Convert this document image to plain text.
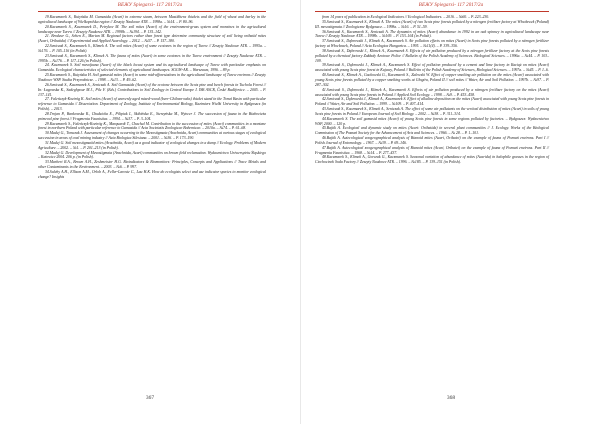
ВЕЖУ Spiegarsi- 117 2017/2a

19.Kaczmarek S., Rutyńska M. Gamasida (Acari) in extreme steam, between Mastikhera thickets and the field of wheat and barley in the agricultural landscape of Wielkopolska region // Zeszyty Naukowe ATR. – 1998a. – №14. – P. 80–96.

20.Kaczmarek S., Kaczmarek D., Petrykov M. The soil mites (Acari) of the environment-grass system and moraines in the agricultural landscape near Turew // Zeszyty Naukowe ATR. – 1998b. – №194. – P. 135–142.

21. Brodeur G., Sehen E., Marian M. Regional factors rather than forest type determine community structure of soil living oribatid mites (Acari, Oribatida) // Experimental and Applied Acarology. – 2012. – №57. – P. 157–180.

22.Seniczak S., Kaczmarek S., Klimek A. The soil mites (Acari) of some ecotones in the region of Turew // Zeszyty Naukowe ATR. – 1995a. – №176. – P. 105–116 (in Polish).

23.Seniczak S., Kaczmarek S., Klimek A. The fauna of mites (Acari) in some ecotones in the Turew environment // Zeszyty Naukowe ATR. – 1995b. – №176. – P. 117–126 (in Polish).

24. Kaczmarek S. Soil mesofauna (Acari) of the black locust system and its agricultural landscape of Turew with particular emphasis on Gamasida. Ecological characteristics of selected elements of agricultural landscapes. SGGW-AR. – Warszawa, 1996. – 89 p.

25.Kaczmarek S., Rutyńska H. Soil gamasid mites (Acari) in some mid-afforestations in the agricultural landscape of Turew environs // Zeszyty Naukowe WSP. Studia Przyrodnicze. – 1998. – №13. – P. 49–62.

26.Seniczak S., Kaczmarek S., Seniczak A. Soil Gamasida (Acari) of the ecotone between the Scots pine and beech forests in Tuchola Forest // In: Łagowska K., Sadeghpour M.J., Pilc F. (Eds.) Contributions to Soil Zoology in Central Europe I. ISB ASCR, České Budějovice. – 2005. – P. 137–141.

27. Faleńczyk-Koziróg K. Soil mites (Acari) of unevenly aged mixed-wood (beer-Chilean-oaks) thicket stand in the Toruń Basin with particular reference to Gamasida // Dissertation. Department of Zoology, Institute of Environmental Biology, Kazimierz Wielki University in Bydgoszcz (in Polish). – 2013.

28.Trojan P., Bankowska R., Chudzicka E., Pilipiuk I., Skibińska E., Sterzyńska M., Wytwer J. The succession of fauna in the Białowieża primeval pine forest // Fragmenta Faunistica. – 1994. – №37. – P. 3–104.

29.Kaczmarek S., Faleńczyk-Koziróg K., Marquardt T., Chachul M. Contribution to the succession of mites (Acari) communities in a montane forest in northern Poland with particular reference to Gamasida // Acta Societatis Zoologicae Bohemicae. – 2010a. – №74. – P. 61–68.

30.Madej G., Tomczak J. Assessment of changes occurring in the Mesostigmata (Arachnida, Acari) communities at various stages of ecological succession in areas of coal mining industry // Acta Biologica Silesiana. – 2001. – №36. – P. 173–190.

31.Madej G. Soil mesostigmatid mites (Arachnida, Acari) as a good indicator of ecological changes in a dump // Ecology. Problems of Modern Agriculture. – 2002. – №1. – P. 201–213 (in Polish).

32.Madej G. Development of Mesostigmata (Arachnida, Acari) communities on brown field reclamation. Wydawnictwo Uniwersytetu Śląskiego – Katowice 2004. 206 p. (in Polish).

33.Marbert R.A., Brown A.H., Zesbmeister H.G. Bioindicators & Biomonitors: Principles, Concepts and Applications // Trace Metals and other Contaminants in the Environment. – 2003. – №6. – P. 997.

34.Salehy A.H., Ellison A.M., Orlob A., Feller-Laroste C., Lau H.K. How do ecologists select and use indicator species to monitor ecological change? Insights

367
ВЕЖУ Spiegarsi- 117 2017/2a

from 14 years of publication in Ecological Indicators // Ecological Indicators. – 2016. – №60. – P. 223–230.

35.Seniczak S., Kaczmarek S., Klimek A. The mites (Acari) of two Scots pine forests polluted by a nitrogen fertilizer factory at Włocławek (Poland) III. mesostigmata // Zoologiczne Bydgoszcz. – 1998a. – №16. – P. 51–59.

36.Seniczak S., Kaczmarek S., Seniczak A. The dynamics of mites (Acari) abundance in 1992 in an oak spinney in agricultural landscape near Turew // Zeszyty Naukowe ATR. – 1998b. – №169. – P. 153–164 (in Polish).

37.Seniczak S., Dąbrowski J., Klimek A., Kaczmarek S. Air pollution effects on mites (Acari) in Scots pine forests polluted by a nitrogen fertilizer factory at Włocławek, Poland // Acta Ecologica Hungarica. – 1995. – №11(4). – P. 339–356.

38.Seniczak S., Dąbrowski J., Klimek A., Kaczmarek S. Effects of air pollution produced by a nitrogen fertilizer factory at the Scots pine forests polluted by a chemical factory Zakłady Azotowe Police // Bulletin of the Polish Academy of Sciences. Biological Sciences. – 1996a. – №44. – P. 103–109.

39.Seniczak S., Dąbrowski J., Klimek A., Kaczmarek S. Effect of pollution produced by a cement and lime factory in Raciąż on mites (Acari) associated with young Scots pine forest in Kujawy, Poland // Bulletin of the Polish Academy of Sciences, Biological Sciences. – 1997a. – №45. – P. 1–6.

40.Seniczak S., Klimek A., Gackowski G., Kaczmarek S., Zalewski W. Effect of copper smelting air pollution on the mites (Acari) associated with young Scots pine forests polluted by a copper smelting works at Głogów, Poland II // soil mites // Water, Air and Soil Pollution. – 1997b. – №97. – P. 287–302.

41.Seniczak S., Dąbrowski J., Klimek A., Kaczmarek S. Effects of air pollution produced by a nitrogen fertilizer factory on the mites (Acari) associated with young Scots pine forests in Poland // Applied Soil Ecology. – 1998. – №9. – P. 453–458.

42.Seniczak S., Dąbrowski J., Klimek A., Kaczmarek S. Effect of alkaline deposition on the mites (Acari) associated with young Scots pine forests in Poland // Water, Air and Soil Pollution. – 1999. – №109. – P. 407–414.

43.Seniczak S., Kaczmarek S., Klimek A., Seniczak A. The effect of some air pollutants on the vertical distribution of mites (Acari) in soils of young Scots pine forests in Poland // European Journal of Soil Biology. – 2002. – №38. – P. 311–314.

44.Kaczmarek S. The soil gamasid mites (Acari) of young Scots pine forests in some regions polluted by factories. – Bydgoszcz: Wydawnictwo WSP, 2000. – 120 p.

45.Bajtik A. Ecological and dynamic study on mites (Acari: Oribatida) in several plant communities // J. Ecology. Works of the Biological Commission of The Poznań Society for the Advancement of Arts and Sciences. – 1966. – № 28. – P. 1–101.

46.Bajtik A. Autecological zoogeographical analysis of Bianoid mites (Acari, Oribatei) on the example of fauna of Poznań environs. Part I // Polish Journal of Entomology. – 1967. – №39. – P. 69–146.

47.Bajtik A. Autecological zoogeographical analysis of Bianoid mites (Acari, Oribatei) on the example of fauna of Poznań environs. Part II // Fragmenta Faunistica. – 1968. – №14. – P. 277–437.

48.Kaczmarek S., Klimek A., Gorczak G., Kaczmarek S. Seasonal variation of abundance of mites (Acarida) in halophile grasses in the region of Ciechocinek Soda Factory // Zeszyty Naukowe ATR. – 1996. – №185. – P. 139–151 (in Polish).

368
